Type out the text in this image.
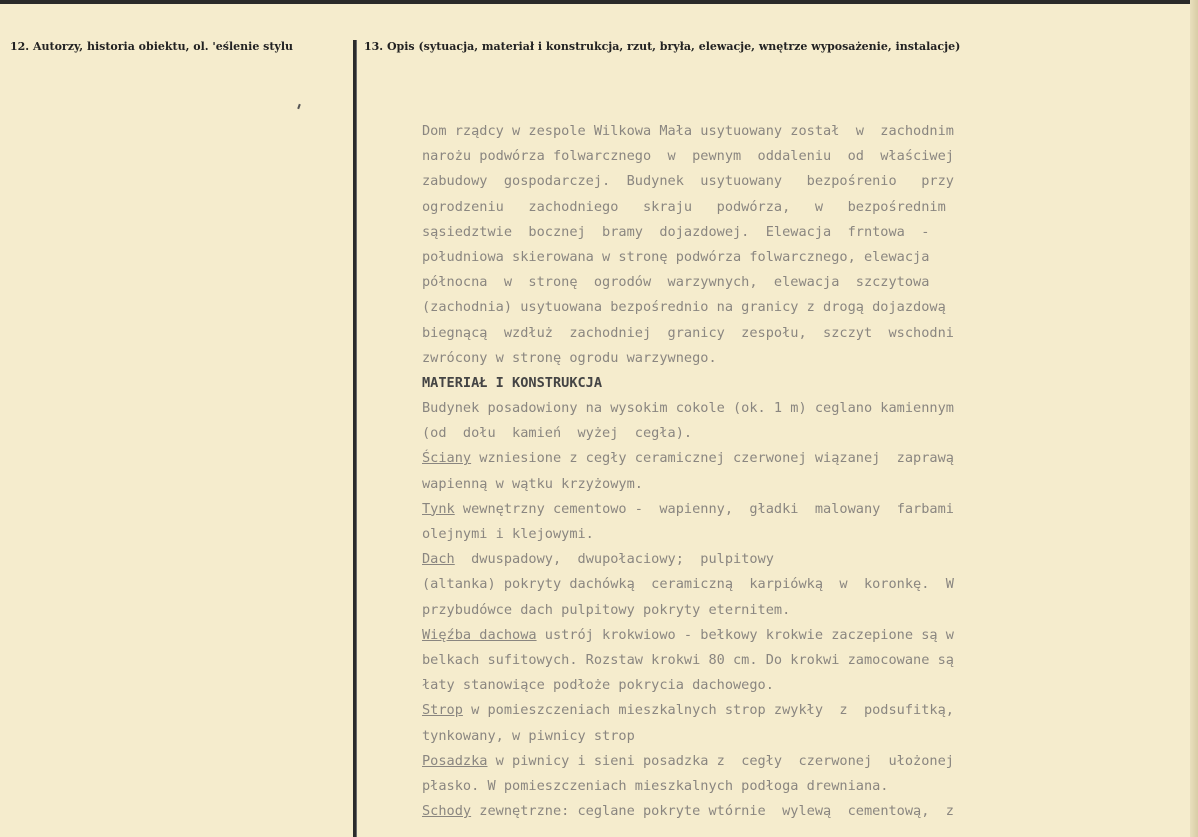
12. Autorzy, historia obiektu, ol. 'eślenie stylu	13. Opis (sytuacja, materiał i konstrukcja, rzut, bryła, elewacje, wnętrze wyposażenie, instalacje)
Dom rządcy w zespole Wilkowa Mała usytuowany został  w  zachodnim
narożu podwórza folwarcznego  w  pewnym  oddaleniu  od  właściwej
zabudowy  gospodarczej.  Budynek  usytuowany   bezpośrenio   przy
ogrodzeniu   zachodniego   skraju   podwórza,   w   bezpośrednim
sąsiedztwie  bocznej  bramy  dojazdowej.  Elewacja  frntowa  -
południowa skierowana w stronę podwórza folwarcznego, elewacja
północna  w  stronę  ogrodów  warzywnych,  elewacja  szczytowa
(zachodnia) usytuowana bezpośrednio na granicy z drogą dojazdową
biegnącą  wzdłuż  zachodniej  granicy  zespołu,  szczyt  wschodni
zwrócony w stronę ogrodu warzywnego.
MATERIAŁ I KONSTRUKCJA
Budynek posadowiony na wysokim cokole (ok. 1 m) ceglano kamiennym
(od  dołu  kamień  wyżej  cegła).
Ściany wzniesione z cegły ceramicznej czerwonej wiązanej  zaprawą
wapienną w wątku krzyżowym.
Tynk wewnętrzny cementowo -  wapienny,  gładki  malowany  farbami
olejnymi i klejowymi.
Dach  dwuspadowy,  dwupołaciowy;  pulpitowy
(altanka) pokryty dachówką  ceramiczną  karpiówką  w  koronkę.  W
przybudówce dach pulpitowy pokryty eternitem.
Więźba dachowa ustrój krokwiowo - bełkowy krokwie zaczepione są w
belkach sufitowych. Rozstaw krokwi 80 cm. Do krokwi zamocowane są
łaty stanowiące podłoże pokrycia dachowego.
Strop w pomieszczeniach mieszkalnych strop zwykły  z  podsufitką,
tynkowany, w piwnicy strop
Posadzka w piwnicy i sieni posadzka z  cegły  czerwonej  ułożonej
płasko. W pomieszczeniach mieszkalnych podłoga drewniana.
Schody zewnętrzne: ceglane pokryte wtórnie  wylewą  cementową,  z
